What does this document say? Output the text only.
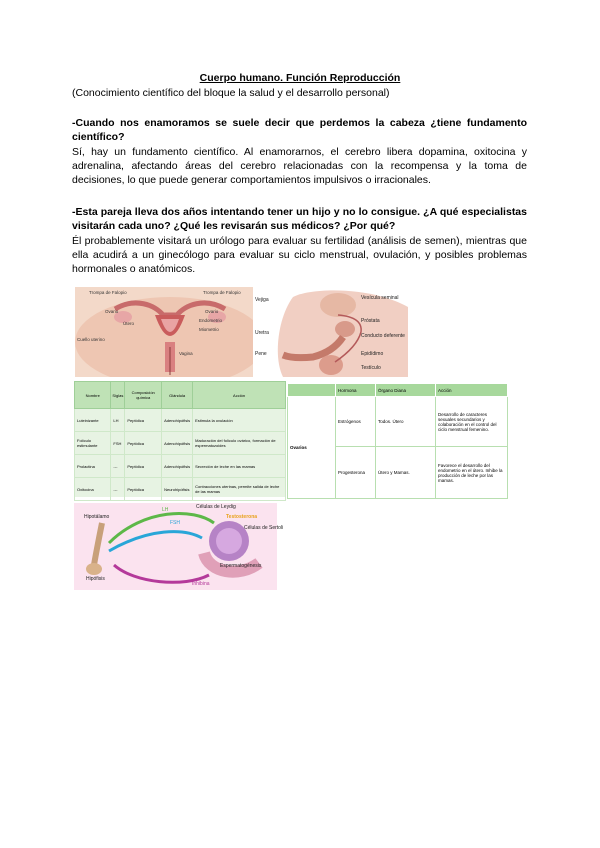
Cuerpo humano. Función Reproducción
(Conocimiento científico del bloque la salud y el desarrollo personal)
-Cuando nos enamoramos se suele decir que perdemos la cabeza ¿tiene fundamento científico?
Sí, hay un fundamento científico. Al enamorarnos, el cerebro libera dopamina, oxitocina y adrenalina, afectando áreas del cerebro relacionadas con la recompensa y la toma de decisiones, lo que puede generar comportamientos impulsivos o irracionales.
-Esta pareja lleva dos años intentando tener un hijo y no lo consigue. ¿A qué especialistas visitarán cada uno? ¿Qué les revisarán sus médicos? ¿Por qué?
Él probablemente visitará un urólogo para evaluar su fertilidad (análisis de semen), mientras que ella acudirá a un ginecólogo para evaluar su ciclo menstrual, ovulación, y posibles problemas hormonales o anatómicos.
Trompa de Falopio	Trompa de Falopio
Ovario	Ovario
Útero
Endometrio
Miometrio
Cuello uterino
Vagina
Vejiga	Vesícula seminal
Próstata
Uretra	Conducto deferente
Pene	Epidídimo
Testículo
Nombre	Siglas	Composición química	Glándula	Acción
Luteinizante	LH	Peptídica	Adenohipófisis	Estimula la ovulación
Folículo estimulante	FSH	Peptídica	Adenohipófisis	Maduración del folículo ovárico, formación de espermatozoides
Prolactina	---	Peptídica	Adenohipófisis	Secreción de leche en las mamas
Oxitocina	---	Peptídica	Neurohipófisis	Contracciones uterinas, permite salida de leche de las mamas
	Hormona	Órgano Diana	Acción
Ovarios	Estrógenos	Todos. Útero	Desarrollo de caracteres sexuales secundarios y colaboración en el control del ciclo menstrual femenino.
	Progesterona	Útero y Mamas.	Favorece el desarrollo del endometrio en el útero. Inhibe la producción de leche por las mamas.
Hipotálamo
LH
FSH
Células de Leydig
Testosterona
Células de Sertoli
Espermatogénesis
Hipófisis
Inhibina
